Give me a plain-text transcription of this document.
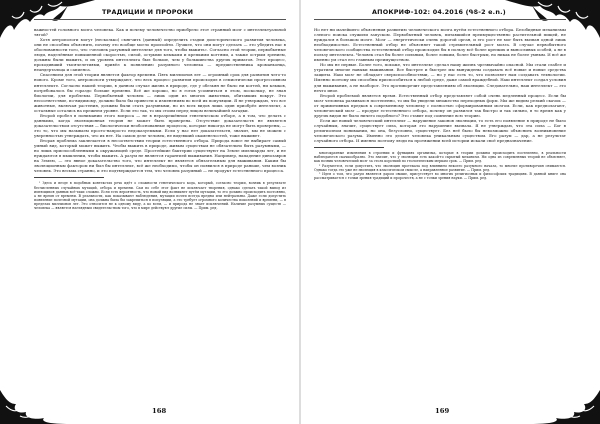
ТРАДИЦИИ И ПРОРОКИ

важностей головного мозга человека. Как и почему человечество приобрело этот странный мозг с интеллектуальной тягой?

Хотя антропологи могут (несколько) смягчить (данный) определить стадии доисторического развития человека, они не способны объяснить, почему это вообще могло произойти. Лучшее, что они могут сделать — это убедить нас в обоснованности того, что «человек разумный интеллект для того, чтобы выжить». Согласно этой теории, первобытные люди, наделённые повышенной скоростью, силой, острыми клыками и крепкими когтями, а также острым зрением, должны были выжить, и их уровень интеллекта был больше, чем у большинства других приматов. Этот процесс, проходивший тысячелетиями, привёл к появлению разумного человека — предшественника кроманьонца, неандертальца и сапиенса.

Спасением для этой теории является фактор времени. Пять миллионов лет — огромный срок для развития чего-то нового. Кроме того, антропологи утверждают, что весь процесс развития происходил в семиотически прогрессивном интеллекте. Согласно нашей теории, в данном случае жизнь в природе, где у обезьян не было ни когтей, ни клыков, потребовалось бы гораздо больше времени. Всё же хорошо, но я готов усомниться в этом, поскольку, не зная биологии, для проблемы. Первобытный человек — лишь один из многих животных, обитавших вокруг. Это несоответствие, по-видимому, должно было бы привести к изменениям во всей их популяции. Я не утверждаю, что все животные, включая растения, должны были стать разумными, но из всех видов лишь один приобрёл интеллект, а остальные остались на прежнем уровне. Если это так, то мы стоим перед лицом величайшей загадки.

Второй пробел в понимании этого вопроса — не в неразрешённом генетическом отборе, а в том, что делать с данными, когда эволюционная теория не может быть проверена. Отсутствие доказательств не является доказательством отсутствия — биологически необоснованные процессы, которые никогда не могут быть проверены, — это то, что мы называем просто-напросто недоказуемыми. Если у нас нет доказательств, значит, мы не можем с уверенностью утверждать, что их нет. На самом деле человек, не видевший окаменелостей, тоже выживет.

Вторая проблема заключается в несоответствии теории естественного отбора. Природа вовсе не выбирает самый умный вид, который может выжить. Чтобы выжить в природе, живым существам не обязательно быть разумными, — но лишь приспособленными к окружающей среде. Простейшие бактерии существуют на Земле миллиарды лет, и не нуждаются в мышлении, чтобы выжить. А разум не является гарантией выживания. Например, нападение динозавров на Землю, — это явное доказательство того, что интеллект не является обязательным для выживания. Каким бы эволюционным фактором ни был бы интеллект, всё же необходимо, чтобы он появился в природе раньше, чем возник человек. Это весьма странно, и это подтверждается тем, что человек разумный — не продукт естественного процесса.

¹ Здесь и везде в подобных контекстах речь идёт о сложности генетического кода, который, согласно теории, возник в результате бесчисленных случайных мутаций, отбора и времени. Сам по себе этот факт не исключает творения, однако сделать такой вывод из имеющихся данных всё-таки сложно. Если есть вероятность, что новый вид возникнет путём мутации, то это должно происходить постоянно, а не время от времени. В реальности, как показывают наблюдения, мутации почти всегда вредны или нейтральны. Даже если допустить появление полезной мутации, она должна была бы закрепиться в популяции, а это требует огромного количества поколений и времени, — в пределах миллионов лет. Это относится не к одному виду, а ко всем, — и природа не знает исключений. Наличие разумных существ — человека — является наглядным свидетельством того, что в мире действуют другие силы. — Прим. ред.

168
АПОКРИФ-102: 04.2016 (ԳՏ-2 e.n.)

Но нет ни малейшего объяснения развитию человеческого мозга путём естественного отбора. Безобидные механизмы слепого поиска служили запуском. Первобытный человек, питавшийся преимущественно растительной пищей, не нуждался в большом мозге. Мозг — энергетически очень дорогой орган, и его рост не мог быть вызван одной лишь необходимостью. Естественный отбор не объясняет такой стремительный рост мозга. В случае первобытного человеческого сообщества естественный отбор происходил бы в пользу всё более крепких и выносливых особей, а не в пользу интеллекта. Человек стал бы более сильным, более ловким, более быстрым, но никак не более умным. И всё же именно ум стал его главным преимуществом.

Но мы не первые. Более того, похоже, что интеллект сделал нашу жизнь чрезвычайно опасной. Мы стали слабее и утратили многие навыки выживания. Все быстрее и быстрее мы вынуждены создавать всё новые и новые средства защиты. Наш мозг не обладает сверхспособностями, — но у нас есть то, что позволяет нам создавать технологии. Именно поэтому мы способны приспособиться к любой среде, даже самой враждебной. Наш интеллект создал условия для выживания, а не наоборот. Это противоречит представлениям об эволюции. Следовательно, наш интеллект — это нечто иное.

Второй проблемой является время. Естественный отбор представляет собой очень медленный процесс. Если бы мозг человека развивался постепенно, то мы бы увидели множество переходных форм. Мы же видим резкий скачок — от примитивных предков к современному человеку с полностью сформированным мозгом. Если, как предполагают, человеческий мозг — продукт естественного отбора, почему он развился так быстро и так сильно, в то время как у других видов не было ничего подобного? Это ставит под сомнение всю теорию.

Если же новый человеческий интеллект — нарушение законов эволюции, то есть его появление в природе не было случайным, значит, существует сила, которая это нарушение вызвала. Я не утверждаю, что эта сила — Бог в религиозном понимании, но она, безусловно, существует. Без неё было бы невозможно объяснить возникновение человеческого разума. Именно это делает человека уникальным существом. Его разум — дар, а не результат случайного отбора. И именно поэтому люди на протяжении всей истории искали своё предназначение.

многократные изменения в строении и функциях организма, которые в теории должны происходить постепенно, в реальности наблюдаются скачкообразно. Это значит, что у эволюции есть какой-то скрытый механизм. Ни одна из современных теорий не объясняет, как возник человеческий мозг за столь короткий по геологическим меркам срок. — Прим. ред.

² Разумеется, если допустить, что эволюция протекала под влиянием некоего разумного начала, то многие противоречия снимаются. Однако тогда это уже не эволюция в классическом смысле, а направленное развитие. — Прим. ред.

³ Идея о том, что разум является даром свыше, присутствует во многих религиозных и философских традициях. В данной книге она рассматривается с точки зрения традиций и пророчеств, а не с точки зрения науки. — Прим. ред.

169
